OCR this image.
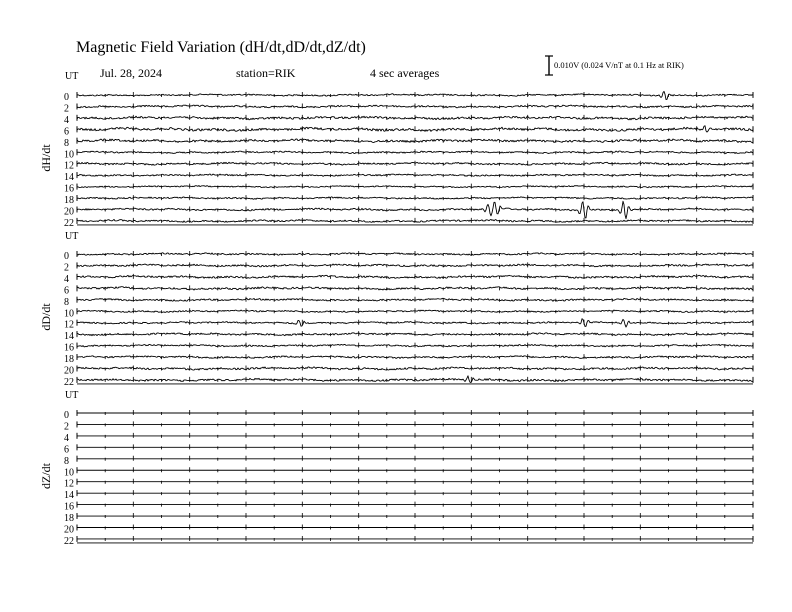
Magnetic Field Variation (dH/dt,dD/dt,dZ/dt)
Jul. 28, 2024	station=RIK	4 sec averages
0.010V (0.024 V/nT at 0.1 Hz at RIK)
UT
dH/dt
0
2
4
6
8
10
12
14
16
18
20
22
UT
dD/dt
0
2
4
6
8
10
12
14
16
18
20
22
UT
dZ/dt
0
2
4
6
8
10
12
14
16
18
20
22
